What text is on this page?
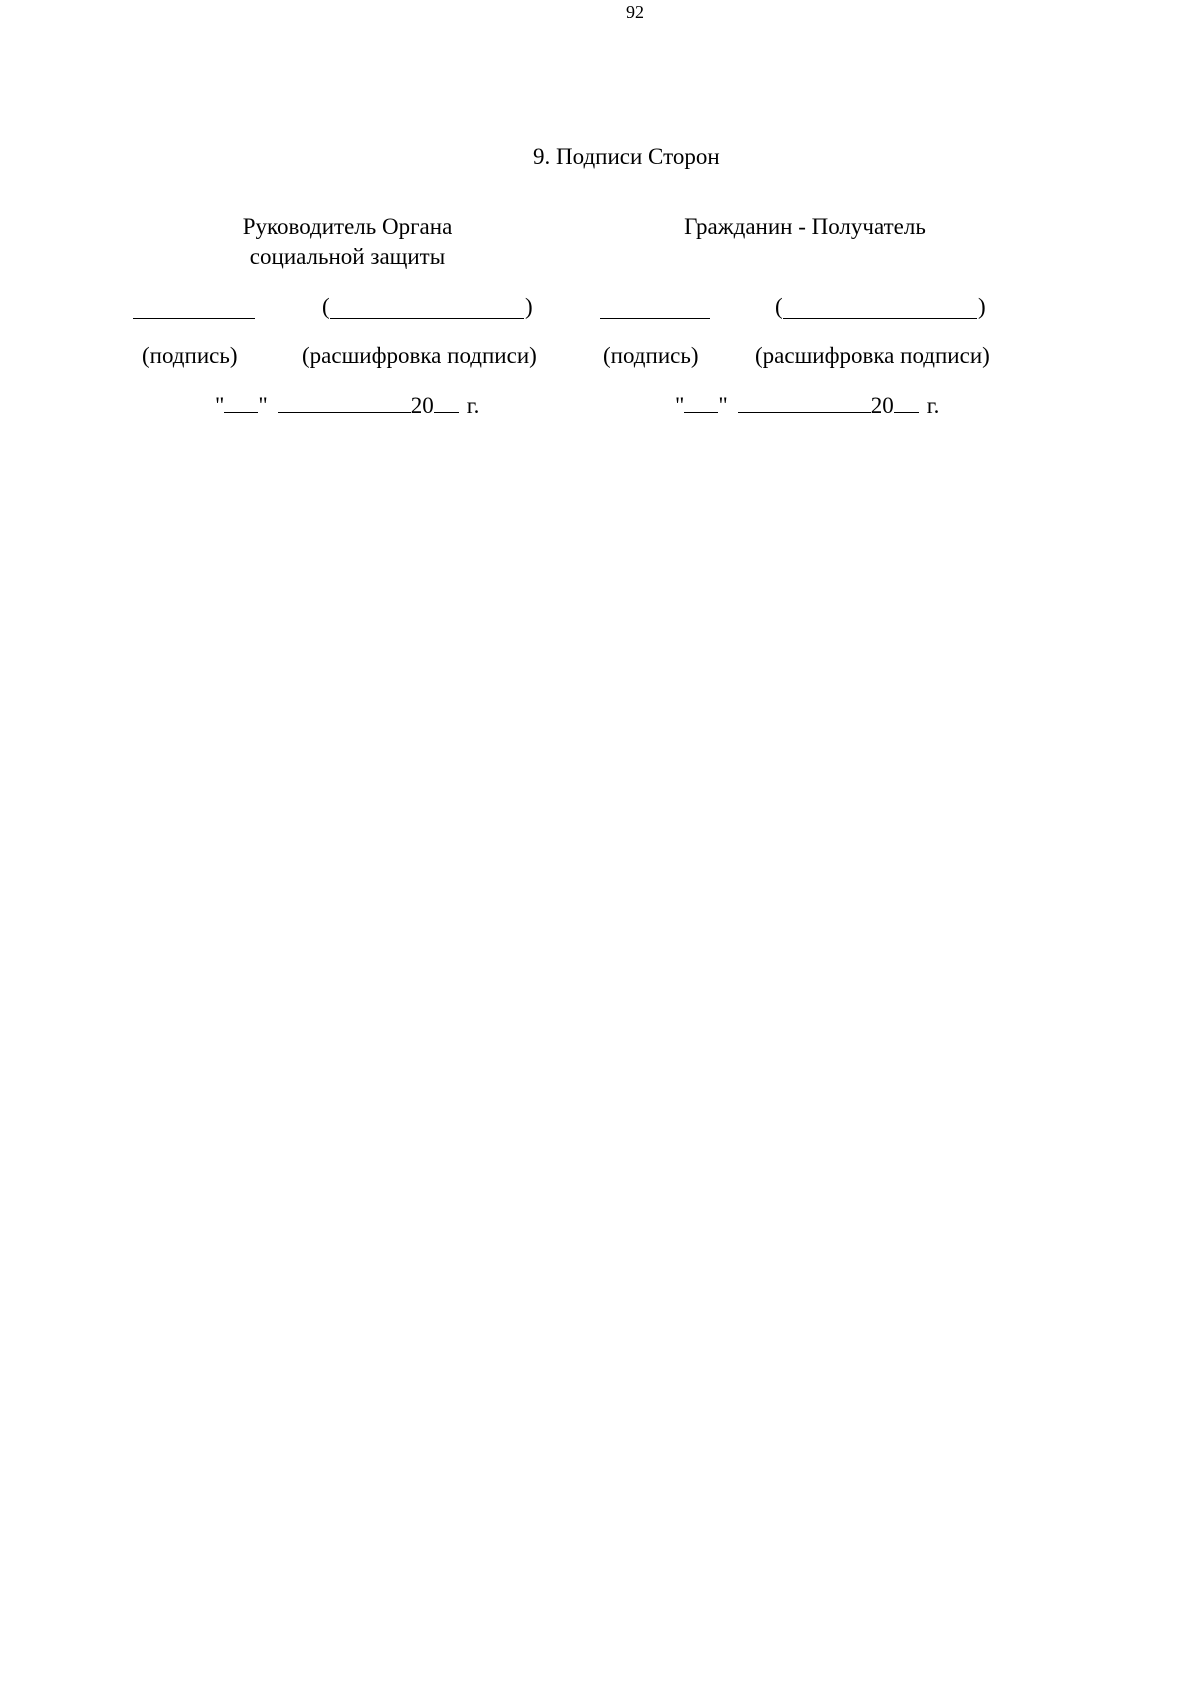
92
9. Подписи Сторон
Руководитель Органа
социальной защиты
Гражданин - Получатель
(	)	(	)
(подпись)	(расшифровка подписи)	(подпись) (расшифровка подписи)
" "	20 г.	" "	20 г.
